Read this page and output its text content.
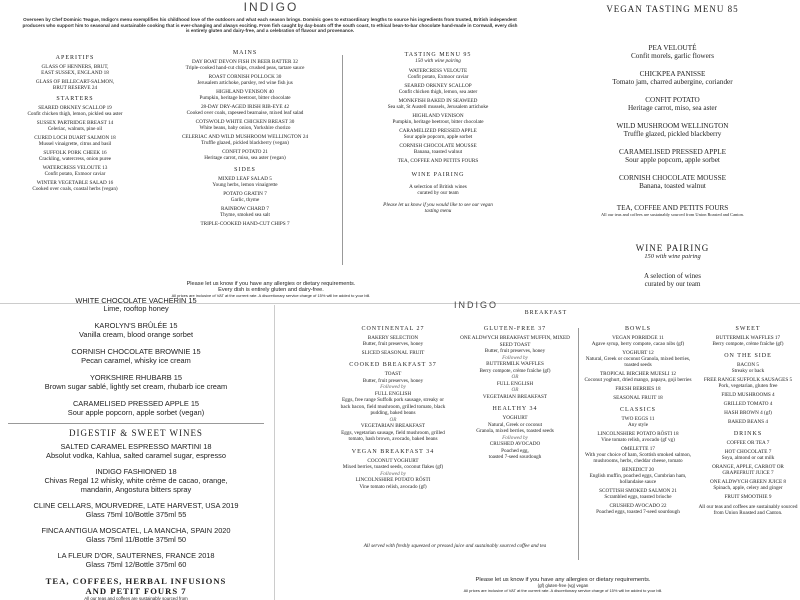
INDIGO
Overseen by Chef Dominic Teague, Indigo's menu exemplifies his childhood love of the outdoors and what each season brings. Dominic goes to extraordinary lengths to source his ingredients from trusted, British independent producers who support him to seasonal and sustainable cooking that is ever-changing and always exciting. From fish caught by day-boats off the south coast, to ethical bean-to-bar chocolate hand-made in Cornwall, every dish is entirely gluten and dairy-free, and a celebration of flavour and provenance.
APERITIFS
GLASS OF HENNERS, BRUT,
EAST SUSSEX, ENGLAND 18
GLASS OF BILLECART-SALMON,
BRUT RESERVE 24
STARTERS
SEARED ORKNEY SCALLOP 19
Confit chicken thigh, lemon, pickled sea aster
SUSSEX PARTRIDGE BREAST 14
Celeriac, walnuts, pine oil
CURED LOCH DUART SALMON 18
Mussel vinaigrette, citrus and basil
SUFFOLK PORK CHEEK 16
Crackling, watercress, onion puree
WATERCRESS VELOUTE 13
Confit potato, Exmoor caviar
WINTER VEGETABLE SALAD 16
Cooked over coals, coastal herbs (vegan)
MAINS
DAY BOAT DEVON FISH IN BEER BATTER 32
Triple-cooked hand-cut chips, crushed peas, tartare sauce
ROAST CORNISH POLLOCK 30
Jerusalem artichoke, parsley, red wine fish jus
HIGHLAND VENISON 40
Pumpkin, heritage beetroot, bitter chocolate
28-DAY DRY-AGED IRISH RIB-EYE 42
Cooked over coals, rapeseed bearnaise, mixed leaf salad
COTSWOLD WHITE CHICKEN BREAST 30
White beans, baby onion, Yorkshire chorizo
CELERIAC AND WILD MUSHROOM WELLINGTON 24
Truffle glazed, pickled blackberry (vegan)
CONFIT POTATO 21
Heritage carrot, miso, sea aster (vegan)
SIDES
MIXED LEAF SALAD 5
Young herbs, lemon vinaigrette
POTATO GRATIN 7
Garlic, thyme
RAINBOW CHARD 7
Thyme, smoked sea salt
TRIPLE-COOKED HAND-CUT CHIPS 7
TASTING MENU 95
150 with wine pairing
WATERCRESS VELOUTE
Confit potato, Exmoor caviar
SEARED ORKNEY SCALLOP
Confit chicken thigh, lemon, sea aster
MONKFISH BAKED IN SEAWEED
Sea salt, St Austell mussels, Jerusalem artichoke
HIGHLAND VENISON
Pumpkin, heritage beetroot, bitter chocolate
CARAMELIZED PRESSED APPLE
Sour apple popcorn, apple sorbet
CORNISH CHOCOLATE MOUSSE
Banana, toasted walnut
TEA, COFFEE AND PETITS FOURS
WINE PAIRING
A selection of British wines
curated by our team
Please let us know if you would like to see our vegan tasting menu
Please let us know if you have any allergies or dietary requirements.
Every dish is entirely gluten and dairy-free.
All prices are inclusive of VAT at the current rate. A discretionary service charge of 15% will be added to your bill.
VEGAN TASTING MENU 85
PEA VELOUTÉ
Confit morels, garlic flowers
CHICKPEA PANISSE
Tomato jam, charred aubergine, coriander
CONFIT POTATO
Heritage carrot, miso, sea aster
WILD MUSHROOM WELLINGTON
Truffle glazed, pickled blackberry
CARAMELISED PRESSED APPLE
Sour apple popcorn, apple sorbet
CORNISH CHOCOLATE MOUSSE
Banana, toasted walnut
TEA, COFFEE AND PETITS FOURS
All our teas and coffees are sustainably sourced from Union Roasted and Canton.
WINE PAIRING
150 with wine pairing
A selection of wines
curated by our team
WHITE CHOCOLATE VACHERIN 15
Lime, rooftop honey
KAROLYN'S BRÛLÉE 15
Vanilla cream, blood orange sorbet
CORNISH CHOCOLATE BROWNIE 15
Pecan caramel, whisky ice cream
YORKSHIRE RHUBARB 15
Brown sugar sablé, lightly set cream, rhubarb ice cream
CARAMELISED PRESSED APPLE 15
Sour apple popcorn, apple sorbet (vegan)
DIGESTIF & SWEET WINES
SALTED CARAMEL ESPRESSO MARTINI 18
Absolut vodka, Kahlua, salted caramel sugar, espresso
INDIGO FASHIONED 18
Chivas Regal 12 whisky, white crème de cacao, orange, mandarin, Angostura bitters spray
CLINE CELLARS, MOURVEDRE, LATE HARVEST, USA 2019
Glass 75ml 10/Bottle 375ml 55
FINCA ANTIGUA MOSCATEL, LA MANCHA, SPAIN 2020
Glass 75ml 11/Bottle 375ml 50
LA FLEUR D'OR, SAUTERNES, FRANCE 2018
Glass 75ml 12/Bottle 375ml 60
TEA, COFFEES, HERBAL INFUSIONS
AND PETIT FOURS 7
All our teas and coffees are sustainably sourced from
INDIGO
BREAKFAST
CONTINENTAL 27
BAKERY SELECTION
Butter, fruit preserves, honey
SLICED SEASONAL FRUIT
COOKED BREAKFAST 37
TOAST
Butter, fruit preserves, honey
Followed by
FULL ENGLISH
Eggs, free range Suffolk pork sausage, streaky or back bacon, field mushroom, grilled tomato, black pudding, baked beans
OR
VEGETARIAN BREAKFAST
Eggs, vegetarian sausage, field mushroom, grilled tomato, hash brown, avocado, baked beans
VEGAN BREAKFAST 34
COCONUT YOGHURT
Mixed berries, toasted seeds, coconut flakes (gf)
Followed by
LINCOLNSHIRE POTATO RÖSTI
Vine tomato relish, avocado (gf)
GLUTEN-FREE 37
ONE ALDWYCH BREAKFAST MUFFIN, MIXED SEED TOAST
Butter, fruit preserves, honey
Followed by
BUTTERMILK WAFFLES
Berry compote, crème fraîche (gf)
OR
FULL ENGLISH
OR
VEGETARIAN BREAKFAST
HEALTHY 34
YOGHURT
Natural, Greek or coconut
Granola, mixed berries, toasted seeds
Followed by
CRUSHED AVOCADO
Poached egg,
toasted 7-seed sourdough
All served with freshly squeezed or pressed juice and sustainably sourced coffee and tea
BOWLS
VEGAN PORRIDGE 11
Agave syrup, berry compote, cacao nibs (gf)
YOGHURT 12
Natural, Greek or coconut Granola, mixed berries, toasted seeds
TROPICAL BIRCHER MUESLI 12
Coconut yoghurt, dried mango, papaya, goji berries
FRESH BERRIES 18
SEASONAL FRUIT 18
CLASSICS
TWO EGGS 11
Any style
LINCOLNSHIRE POTATO RÖSTI 18
Vine tomato relish, avocado (gf vg)
OMELETTE 17
With your choice of ham, Scottish smoked salmon, mushrooms, herbs, cheddar cheese, tomato
BENEDICT 20
English muffin, poached eggs, Cumbrian ham, hollandaise sauce
SCOTTISH SMOKED SALMON 21
Scrambled eggs, toasted brioche
CRUSHED AVOCADO 22
Poached eggs, toasted 7-seed sourdough
SWEET
BUTTERMILK WAFFLES 17
Berry compote, crème fraîche (gf)
ON THE SIDE
BACON 5
Streaky or back
FREE RANGE SUFFOLK SAUSAGES 5
Pork, vegetarian, gluten free
FIELD MUSHROOMS 4
GRILLED TOMATO 4
HASH BROWN 4 (gf)
BAKED BEANS 4
DRINKS
COFFEE OR TEA 7
HOT CHOCOLATE 7
Soya, almond or oat milk
ORANGE, APPLE, CARROT OR GRAPEFRUIT JUICE 7
ONE ALDWYCH GREEN JUICE 8
Spinach, apple, celery and ginger
FRUIT SMOOTHIE 9
All our teas and coffees are sustainably sourced from Union Roasted and Canton.
Please let us know if you have any allergies or dietary requirements.
(gf) gluten-free (vg) vegan
All prices are inclusive of VAT at the current rate. A discretionary service charge of 15% will be added to your bill.
